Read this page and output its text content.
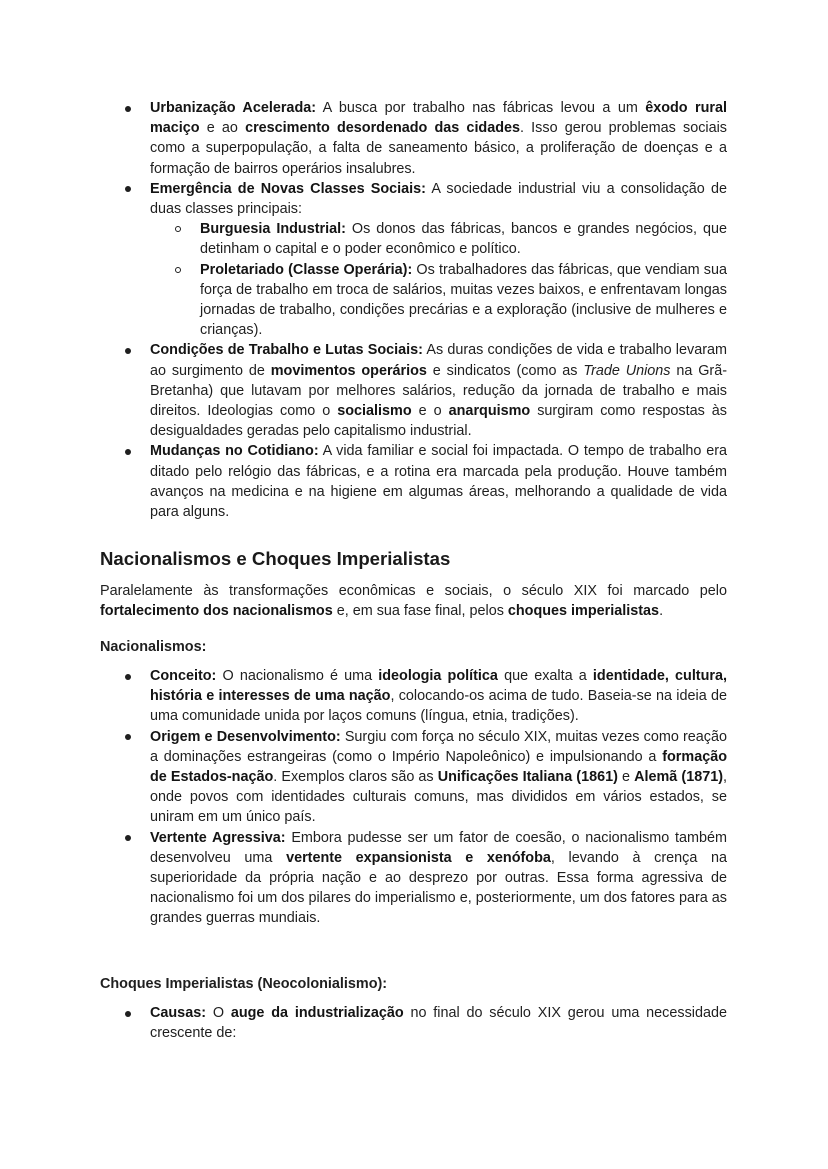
Urbanização Acelerada: A busca por trabalho nas fábricas levou a um êxodo rural maciço e ao crescimento desordenado das cidades. Isso gerou problemas sociais como a superpopulação, a falta de saneamento básico, a proliferação de doenças e a formação de bairros operários insalubres.
Emergência de Novas Classes Sociais: A sociedade industrial viu a consolidação de duas classes principais:
Burguesia Industrial: Os donos das fábricas, bancos e grandes negócios, que detinham o capital e o poder econômico e político.
Proletariado (Classe Operária): Os trabalhadores das fábricas, que vendiam sua força de trabalho em troca de salários, muitas vezes baixos, e enfrentavam longas jornadas de trabalho, condições precárias e a exploração (inclusive de mulheres e crianças).
Condições de Trabalho e Lutas Sociais: As duras condições de vida e trabalho levaram ao surgimento de movimentos operários e sindicatos (como as Trade Unions na Grã-Bretanha) que lutavam por melhores salários, redução da jornada de trabalho e mais direitos. Ideologias como o socialismo e o anarquismo surgiram como respostas às desigualdades geradas pelo capitalismo industrial.
Mudanças no Cotidiano: A vida familiar e social foi impactada. O tempo de trabalho era ditado pelo relógio das fábricas, e a rotina era marcada pela produção. Houve também avanços na medicina e na higiene em algumas áreas, melhorando a qualidade de vida para alguns.
Nacionalismos e Choques Imperialistas
Paralelamente às transformações econômicas e sociais, o século XIX foi marcado pelo fortalecimento dos nacionalismos e, em sua fase final, pelos choques imperialistas.
Nacionalismos:
Conceito: O nacionalismo é uma ideologia política que exalta a identidade, cultura, história e interesses de uma nação, colocando-os acima de tudo. Baseia-se na ideia de uma comunidade unida por laços comuns (língua, etnia, tradições).
Origem e Desenvolvimento: Surgiu com força no século XIX, muitas vezes como reação a dominações estrangeiras (como o Império Napoleônico) e impulsionando a formação de Estados-nação. Exemplos claros são as Unificações Italiana (1861) e Alemã (1871), onde povos com identidades culturais comuns, mas divididos em vários estados, se uniram em um único país.
Vertente Agressiva: Embora pudesse ser um fator de coesão, o nacionalismo também desenvolveu uma vertente expansionista e xenófoba, levando à crença na superioridade da própria nação e ao desprezo por outras. Essa forma agressiva de nacionalismo foi um dos pilares do imperialismo e, posteriormente, um dos fatores para as grandes guerras mundiais.
Choques Imperialistas (Neocolonialismo):
Causas: O auge da industrialização no final do século XIX gerou uma necessidade crescente de:
